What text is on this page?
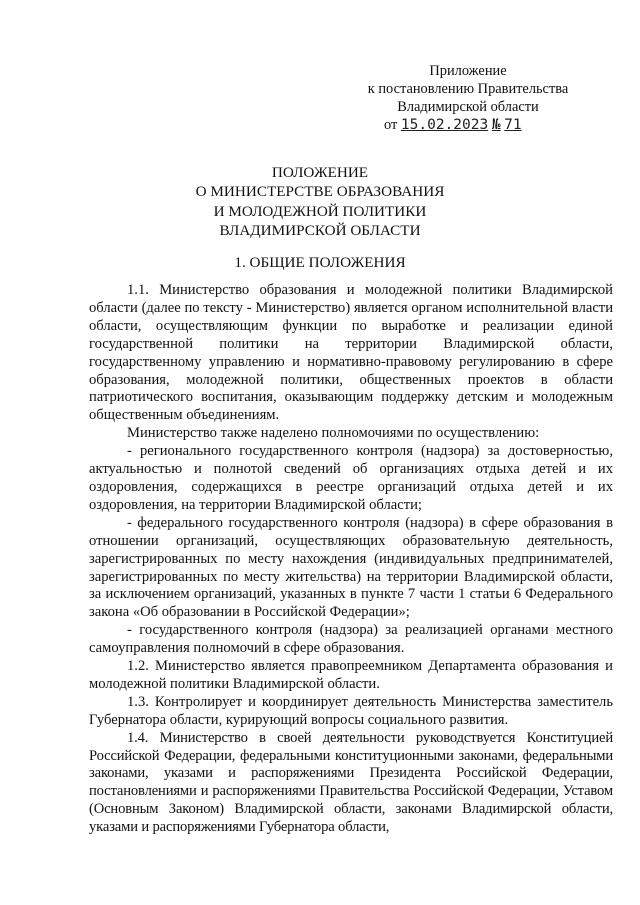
Приложение
к постановлению Правительства
Владимирской области
от 15.02.2023 № 71
ПОЛОЖЕНИЕ
О МИНИСТЕРСТВЕ ОБРАЗОВАНИЯ
И МОЛОДЕЖНОЙ ПОЛИТИКИ
ВЛАДИМИРСКОЙ ОБЛАСТИ
1. ОБЩИЕ ПОЛОЖЕНИЯ

1.1. Министерство образования и молодежной политики Владимирской области (далее по тексту - Министерство) является органом исполнительной власти области, осуществляющим функции по выработке и реализации единой государственной политики на территории Владимирской области, государственному управлению и нормативно-правовому регулированию в сфере образования, молодежной политики, общественных проектов в области патриотического воспитания, оказывающим поддержку детским и молодежным общественным объединениям.

Министерство также наделено полномочиями по осуществлению:

- регионального государственного контроля (надзора) за достоверностью, актуальностью и полнотой сведений об организациях отдыха детей и их оздоровления, содержащихся в реестре организаций отдыха детей и их оздоровления, на территории Владимирской области;

- федерального государственного контроля (надзора) в сфере образования в отношении организаций, осуществляющих образовательную деятельность, зарегистрированных по месту нахождения (индивидуальных предпринимателей, зарегистрированных по месту жительства) на территории Владимирской области, за исключением организаций, указанных в пункте 7 части 1 статьи 6 Федерального закона «Об образовании в Российской Федерации»;

- государственного контроля (надзора) за реализацией органами местного самоуправления полномочий в сфере образования.

1.2. Министерство является правопреемником Департамента образования и молодежной политики Владимирской области.

1.3. Контролирует и координирует деятельность Министерства заместитель Губернатора области, курирующий вопросы социального развития.

1.4. Министерство в своей деятельности руководствуется Конституцией Российской Федерации, федеральными конституционными законами, федеральными законами, указами и распоряжениями Президента Российской Федерации, постановлениями и распоряжениями Правительства Российской Федерации, Уставом (Основным Законом) Владимирской области, законами Владимирской области, указами и распоряжениями Губернатора области,
